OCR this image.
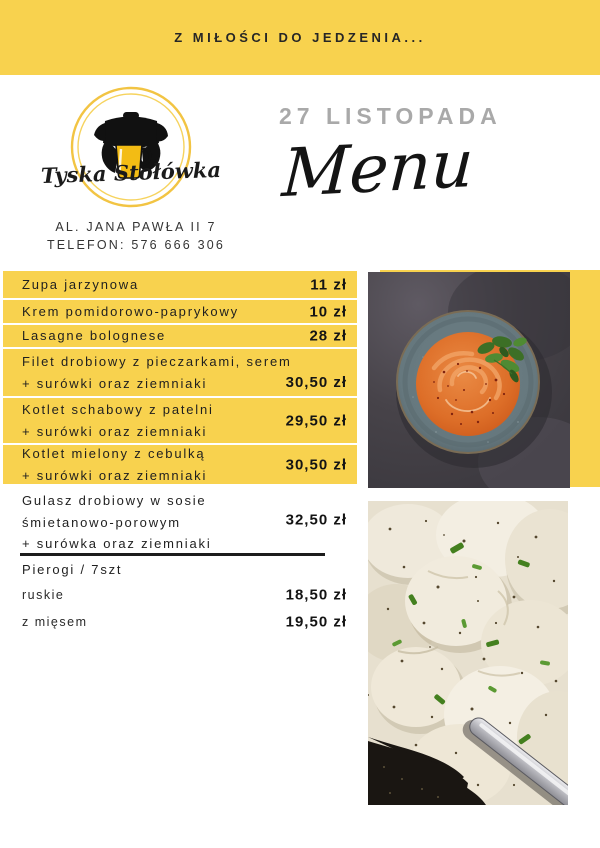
Z MIŁOŚCI DO JEDZENIA...
Tyska Stołówka
AL. JANA PAWŁA II 7
TELEFON: 576 666 306
27 LISTOPADA
Menu
Zupa jarzynowa	11 zł
Krem pomidorowo-paprykowy	10 zł
Lasagne bolognese	28 zł
Filet drobiowy z pieczarkami, serem
+ surówki oraz ziemniaki	30,50 zł
Kotlet schabowy z patelni
+ surówki oraz ziemniaki
29,50 zł
Kotlet mielony z cebulką
+ surówki oraz ziemniaki
30,50 zł
Gulasz drobiowy w sosie
śmietanowo-porowym
+ surówka oraz ziemniaki
32,50 zł
Pierogi / 7szt
ruskie	18,50 zł
z mięsem	19,50 zł
